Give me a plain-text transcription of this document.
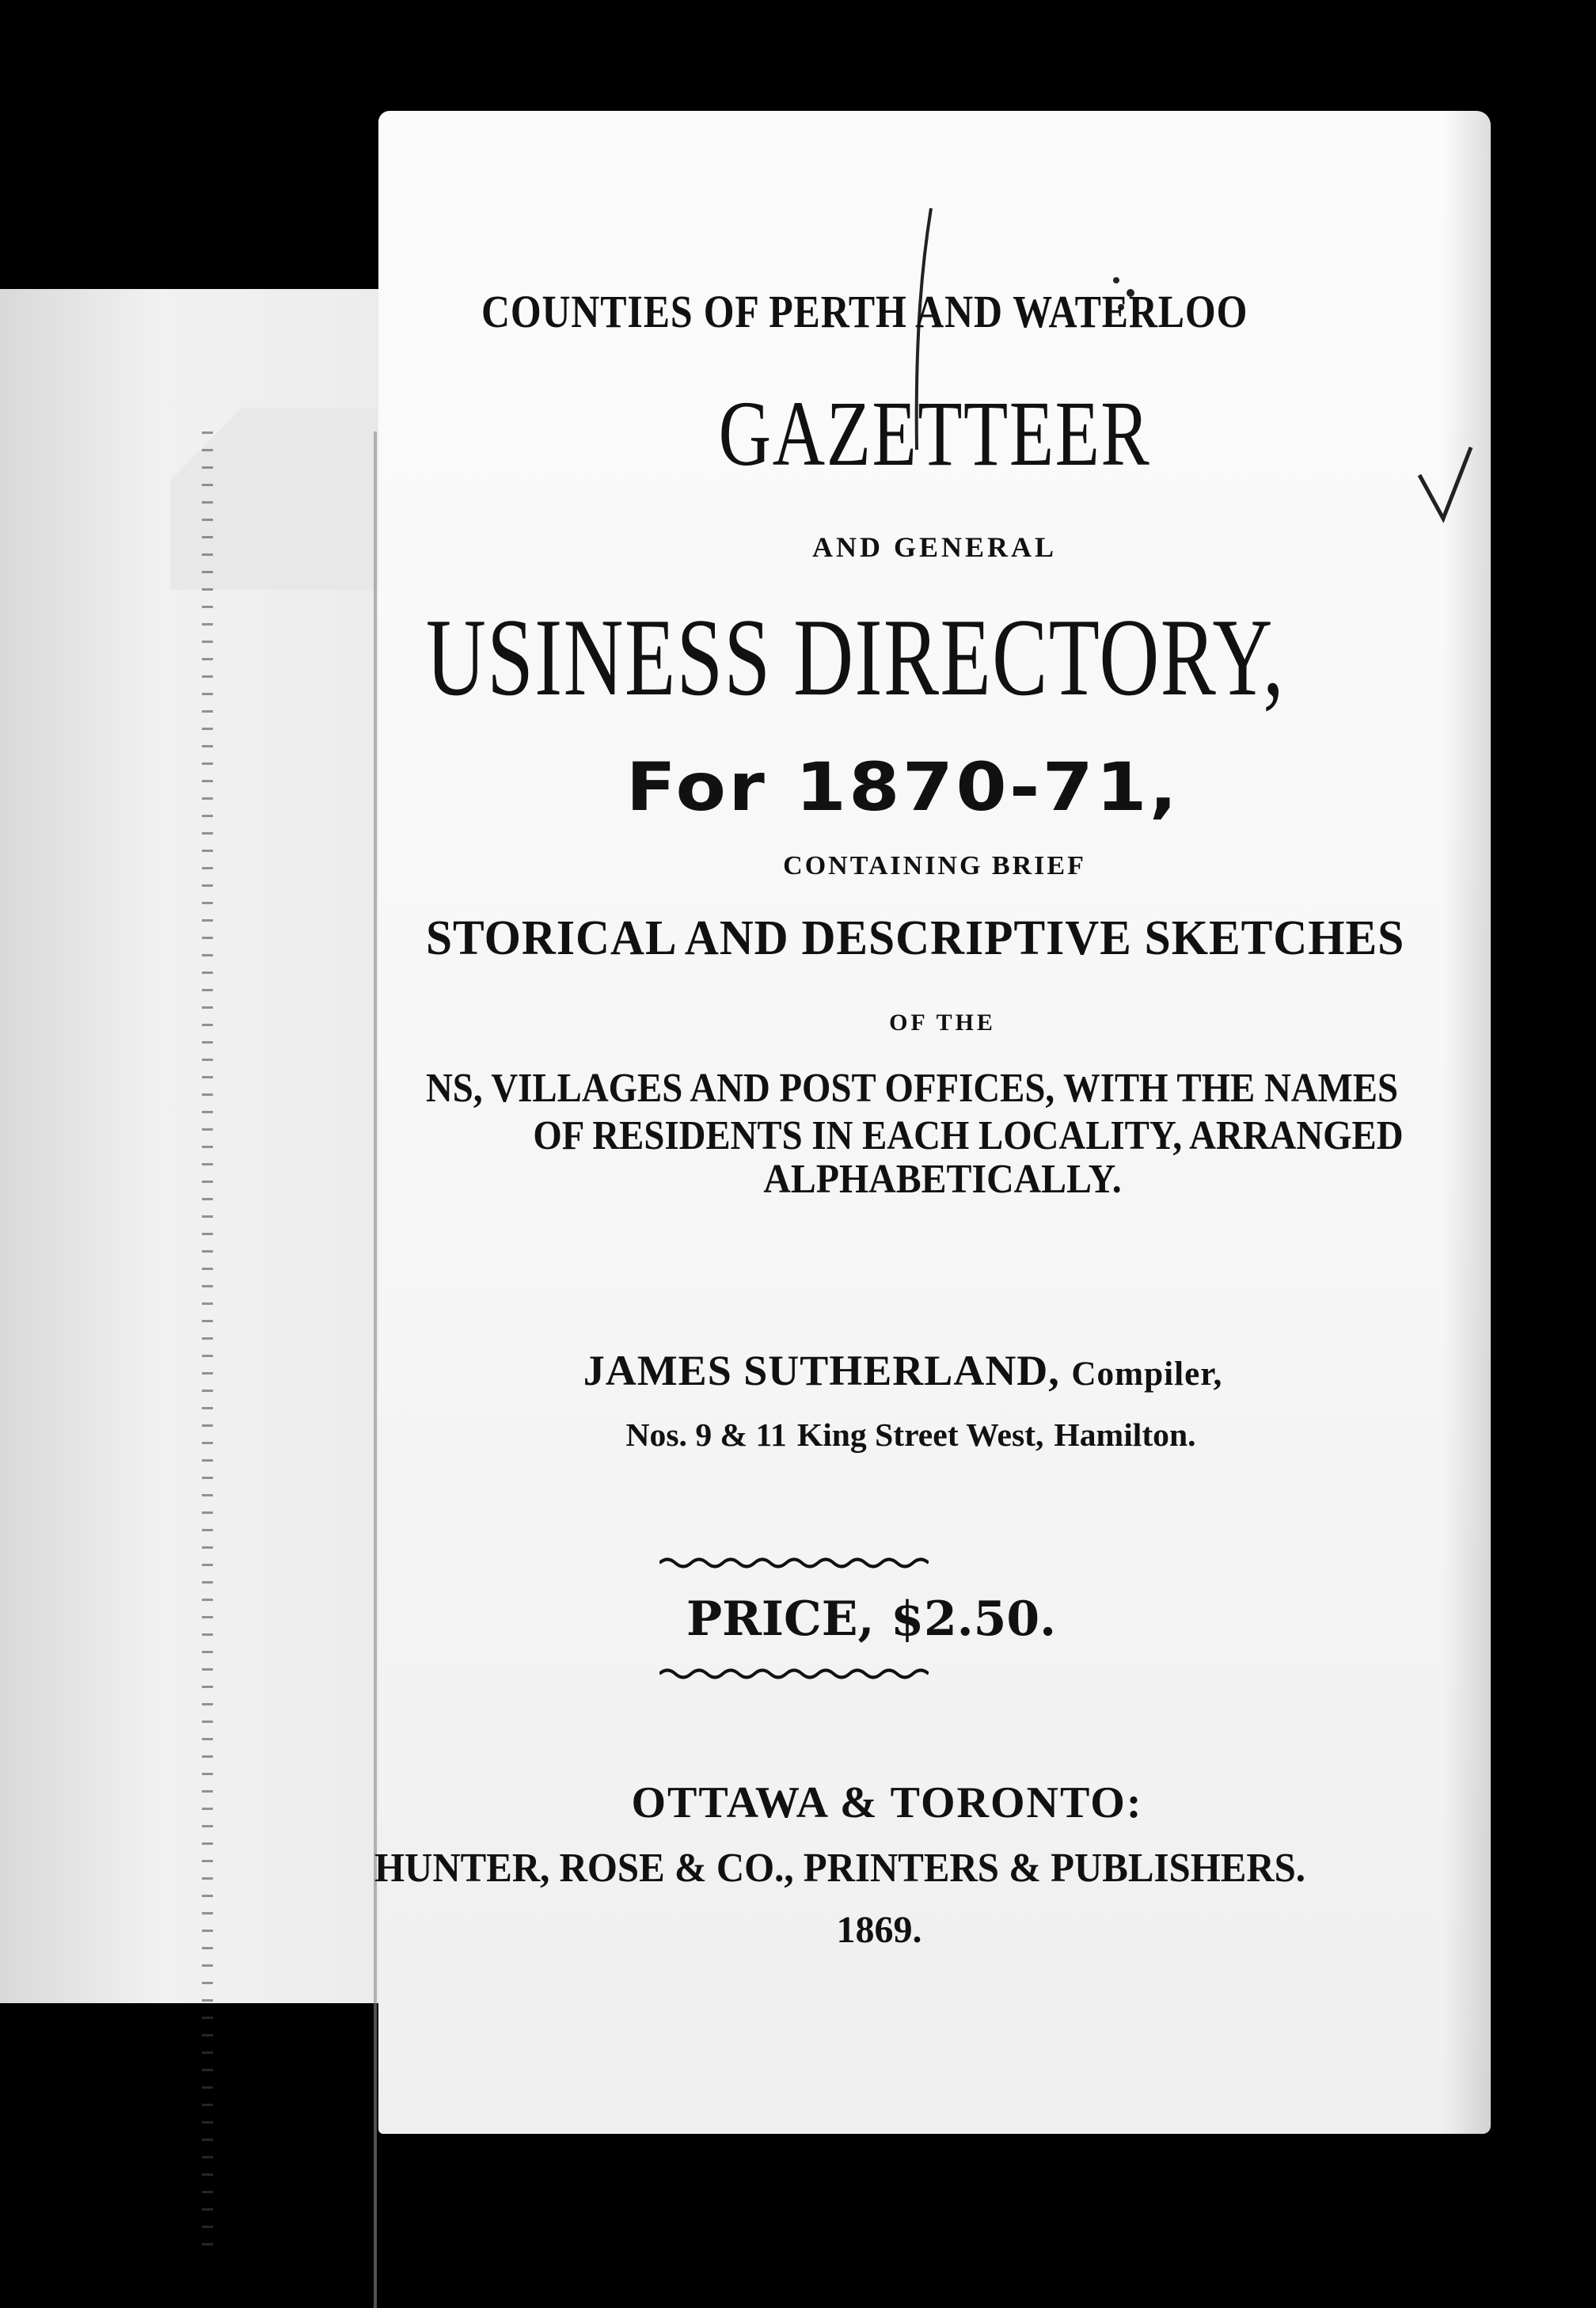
COUNTIES OF PERTH AND WATERLOO
GAZETTEER
AND GENERAL
USINESS DIRECTORY,
For 1870-71,
CONTAINING BRIEF
STORICAL AND DESCRIPTIVE SKETCHES
OF THE
NS, VILLAGES AND POST OFFICES, WITH THE NAMES
OF RESIDENTS IN EACH LOCALITY, ARRANGED
ALPHABETICALLY.
JAMES SUTHERLAND, Compiler,
Nos. 9 & 11 King Street West, Hamilton.
PRICE, $2.50.
OTTAWA & TORONTO:
HUNTER, ROSE & CO., PRINTERS & PUBLISHERS.
1869.
